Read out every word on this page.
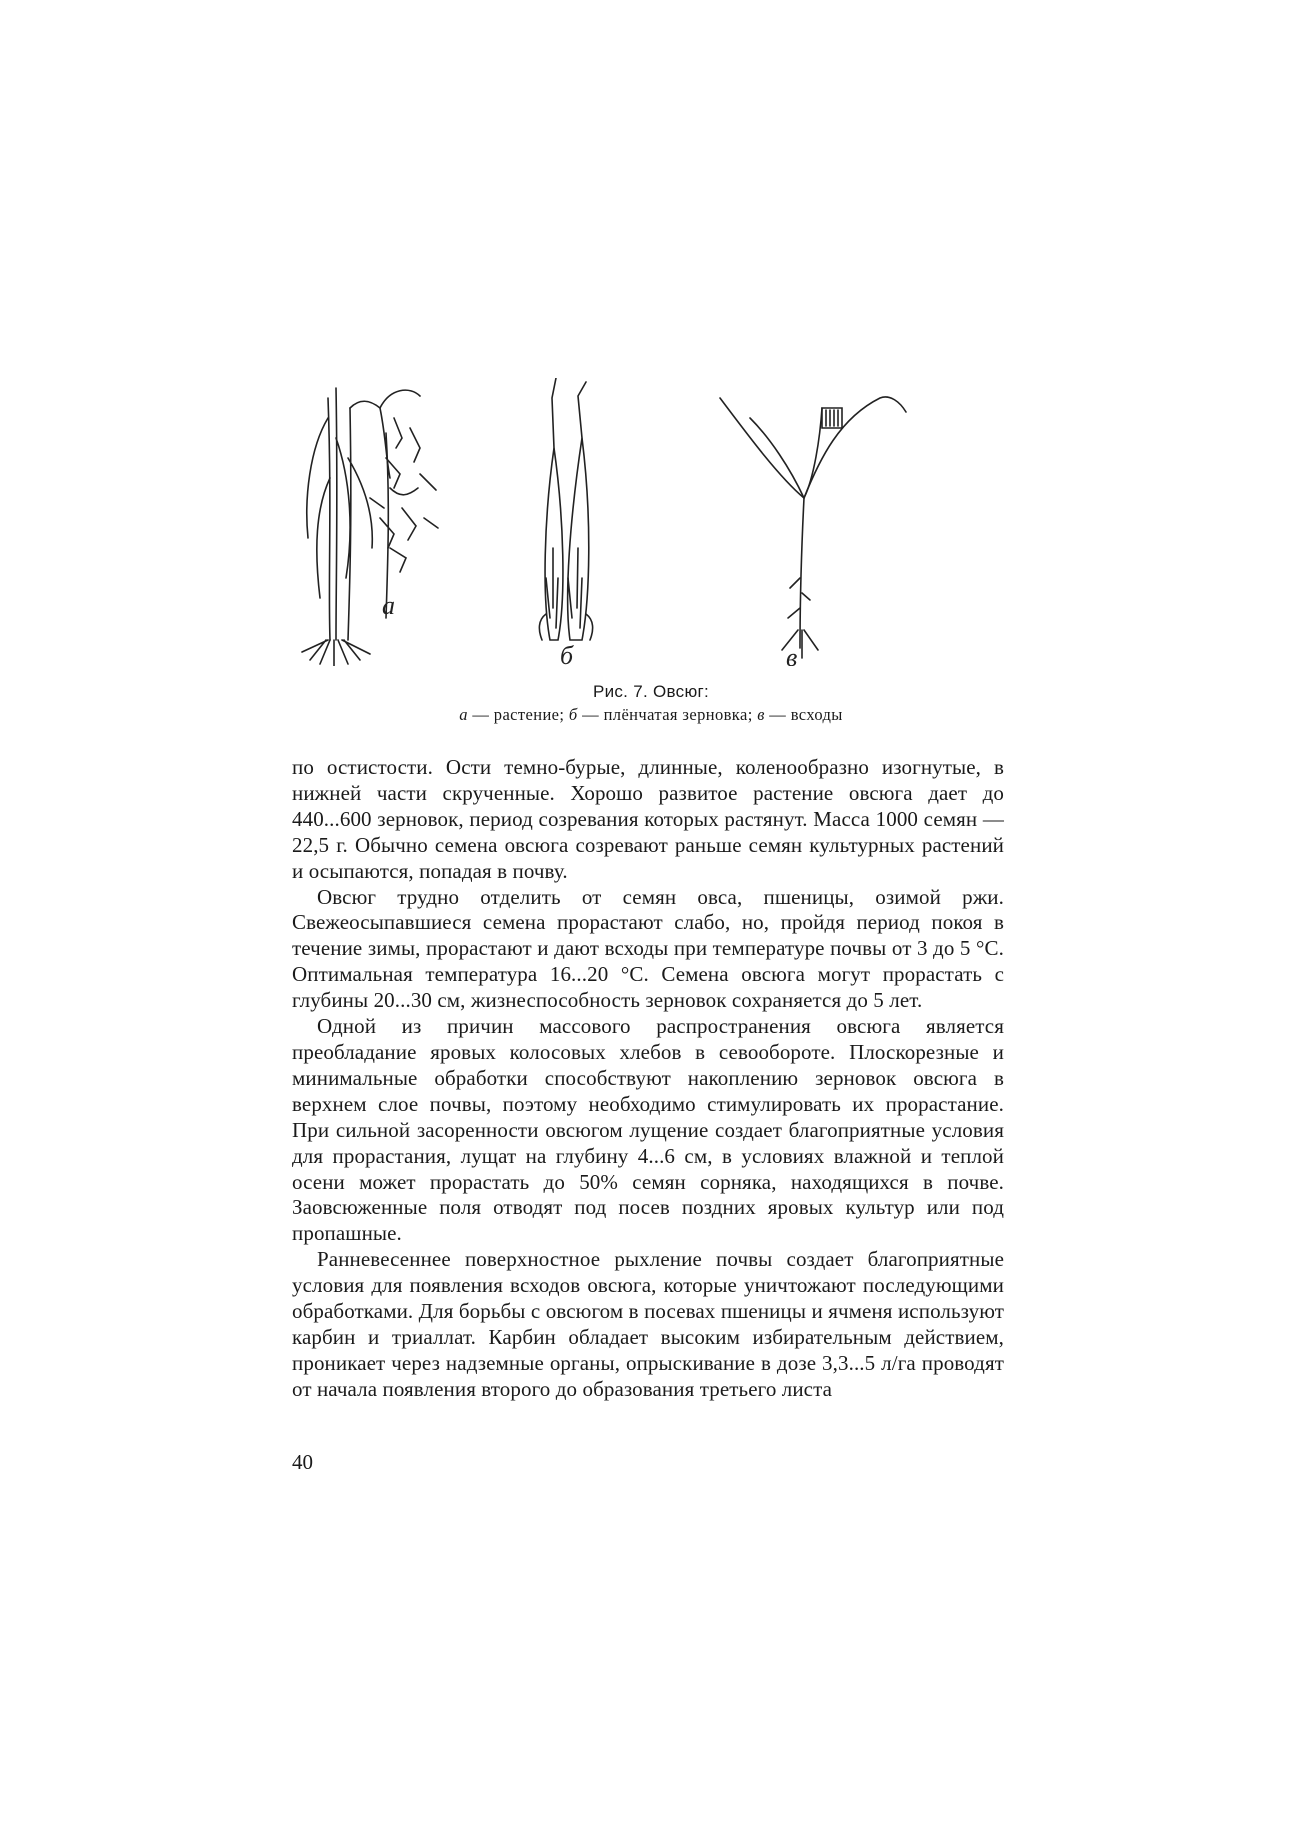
а
б	в
Рис. 7. Овсюг:
а — растение; б — плёнчатая зерновка; в — всходы

по остистости. Ости темно-бурые, длинные, коленообразно изогнутые, в нижней части скрученные. Хорошо развитое растение овсюга дает до 440...600 зерновок, период созревания которых растянут. Масса 1000 семян — 22,5 г. Обычно семена овсюга созревают раньше семян культурных растений и осыпаются, попадая в почву.

Овсюг трудно отделить от семян овса, пшеницы, озимой ржи. Свежеосыпавшиеся семена прорастают слабо, но, пройдя период покоя в течение зимы, прорастают и дают всходы при температуре почвы от 3 до 5 °С. Оптимальная температура 16...20 °С. Семена овсюга могут прорастать с глубины 20...30 см, жизнеспособность зерновок сохраняется до 5 лет.

Одной из причин массового распространения овсюга является преобладание яровых колосовых хлебов в севообороте. Плоскорезные и минимальные обработки способствуют накоплению зерновок овсюга в верхнем слое почвы, поэтому необходимо стимулировать их прорастание. При сильной засоренности овсюгом лущение создает благоприятные условия для прорастания, лущат на глубину 4...6 см, в условиях влажной и теплой осени может прорастать до 50% семян сорняка, находящихся в почве. Заовсюженные поля отводят под посев поздних яровых культур или под пропашные.

Ранневесеннее поверхностное рыхление почвы создает благоприятные условия для появления всходов овсюга, которые уничтожают последующими обработками. Для борьбы с овсюгом в посевах пшеницы и ячменя используют карбин и триаллат. Карбин обладает высоким избирательным действием, проникает через надземные органы, опрыскивание в дозе 3,3...5 л/га проводят от начала появления второго до образования третьего листа

40
